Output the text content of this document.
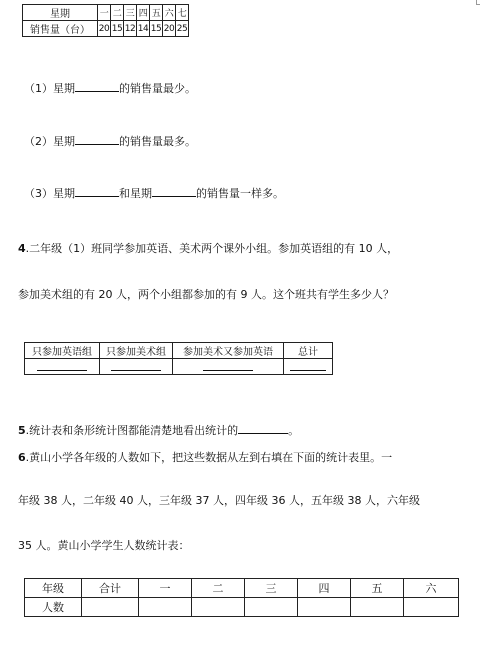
星期	一	二	三	四	五	六	七
销售量（台）	20	15	12	14	15	20	25
（1）星期	的销售量最少。
（2）星期	的销售量最多。
（3）星期	和星期	的销售量一样多。
4.二年级（1）班同学参加英语、美术两个课外小组。参加英语组的有 10 人，
参加美术组的有 20 人，两个小组都参加的有 9 人。这个班共有学生多少人？
只参加英语组	只参加美术组	参加美术又参加英语	总计

5.统计表和条形统计图都能清楚地看出统计的	。
6.黄山小学各年级的人数如下，把这些数据从左到右填在下面的统计表里。一
年级 38 人，二年级 40 人，三年级 37 人，四年级 36 人，五年级 38 人，六年级
35 人。黄山小学学生人数统计表：
年级	合计	一	二	三	四	五	六
人数							
